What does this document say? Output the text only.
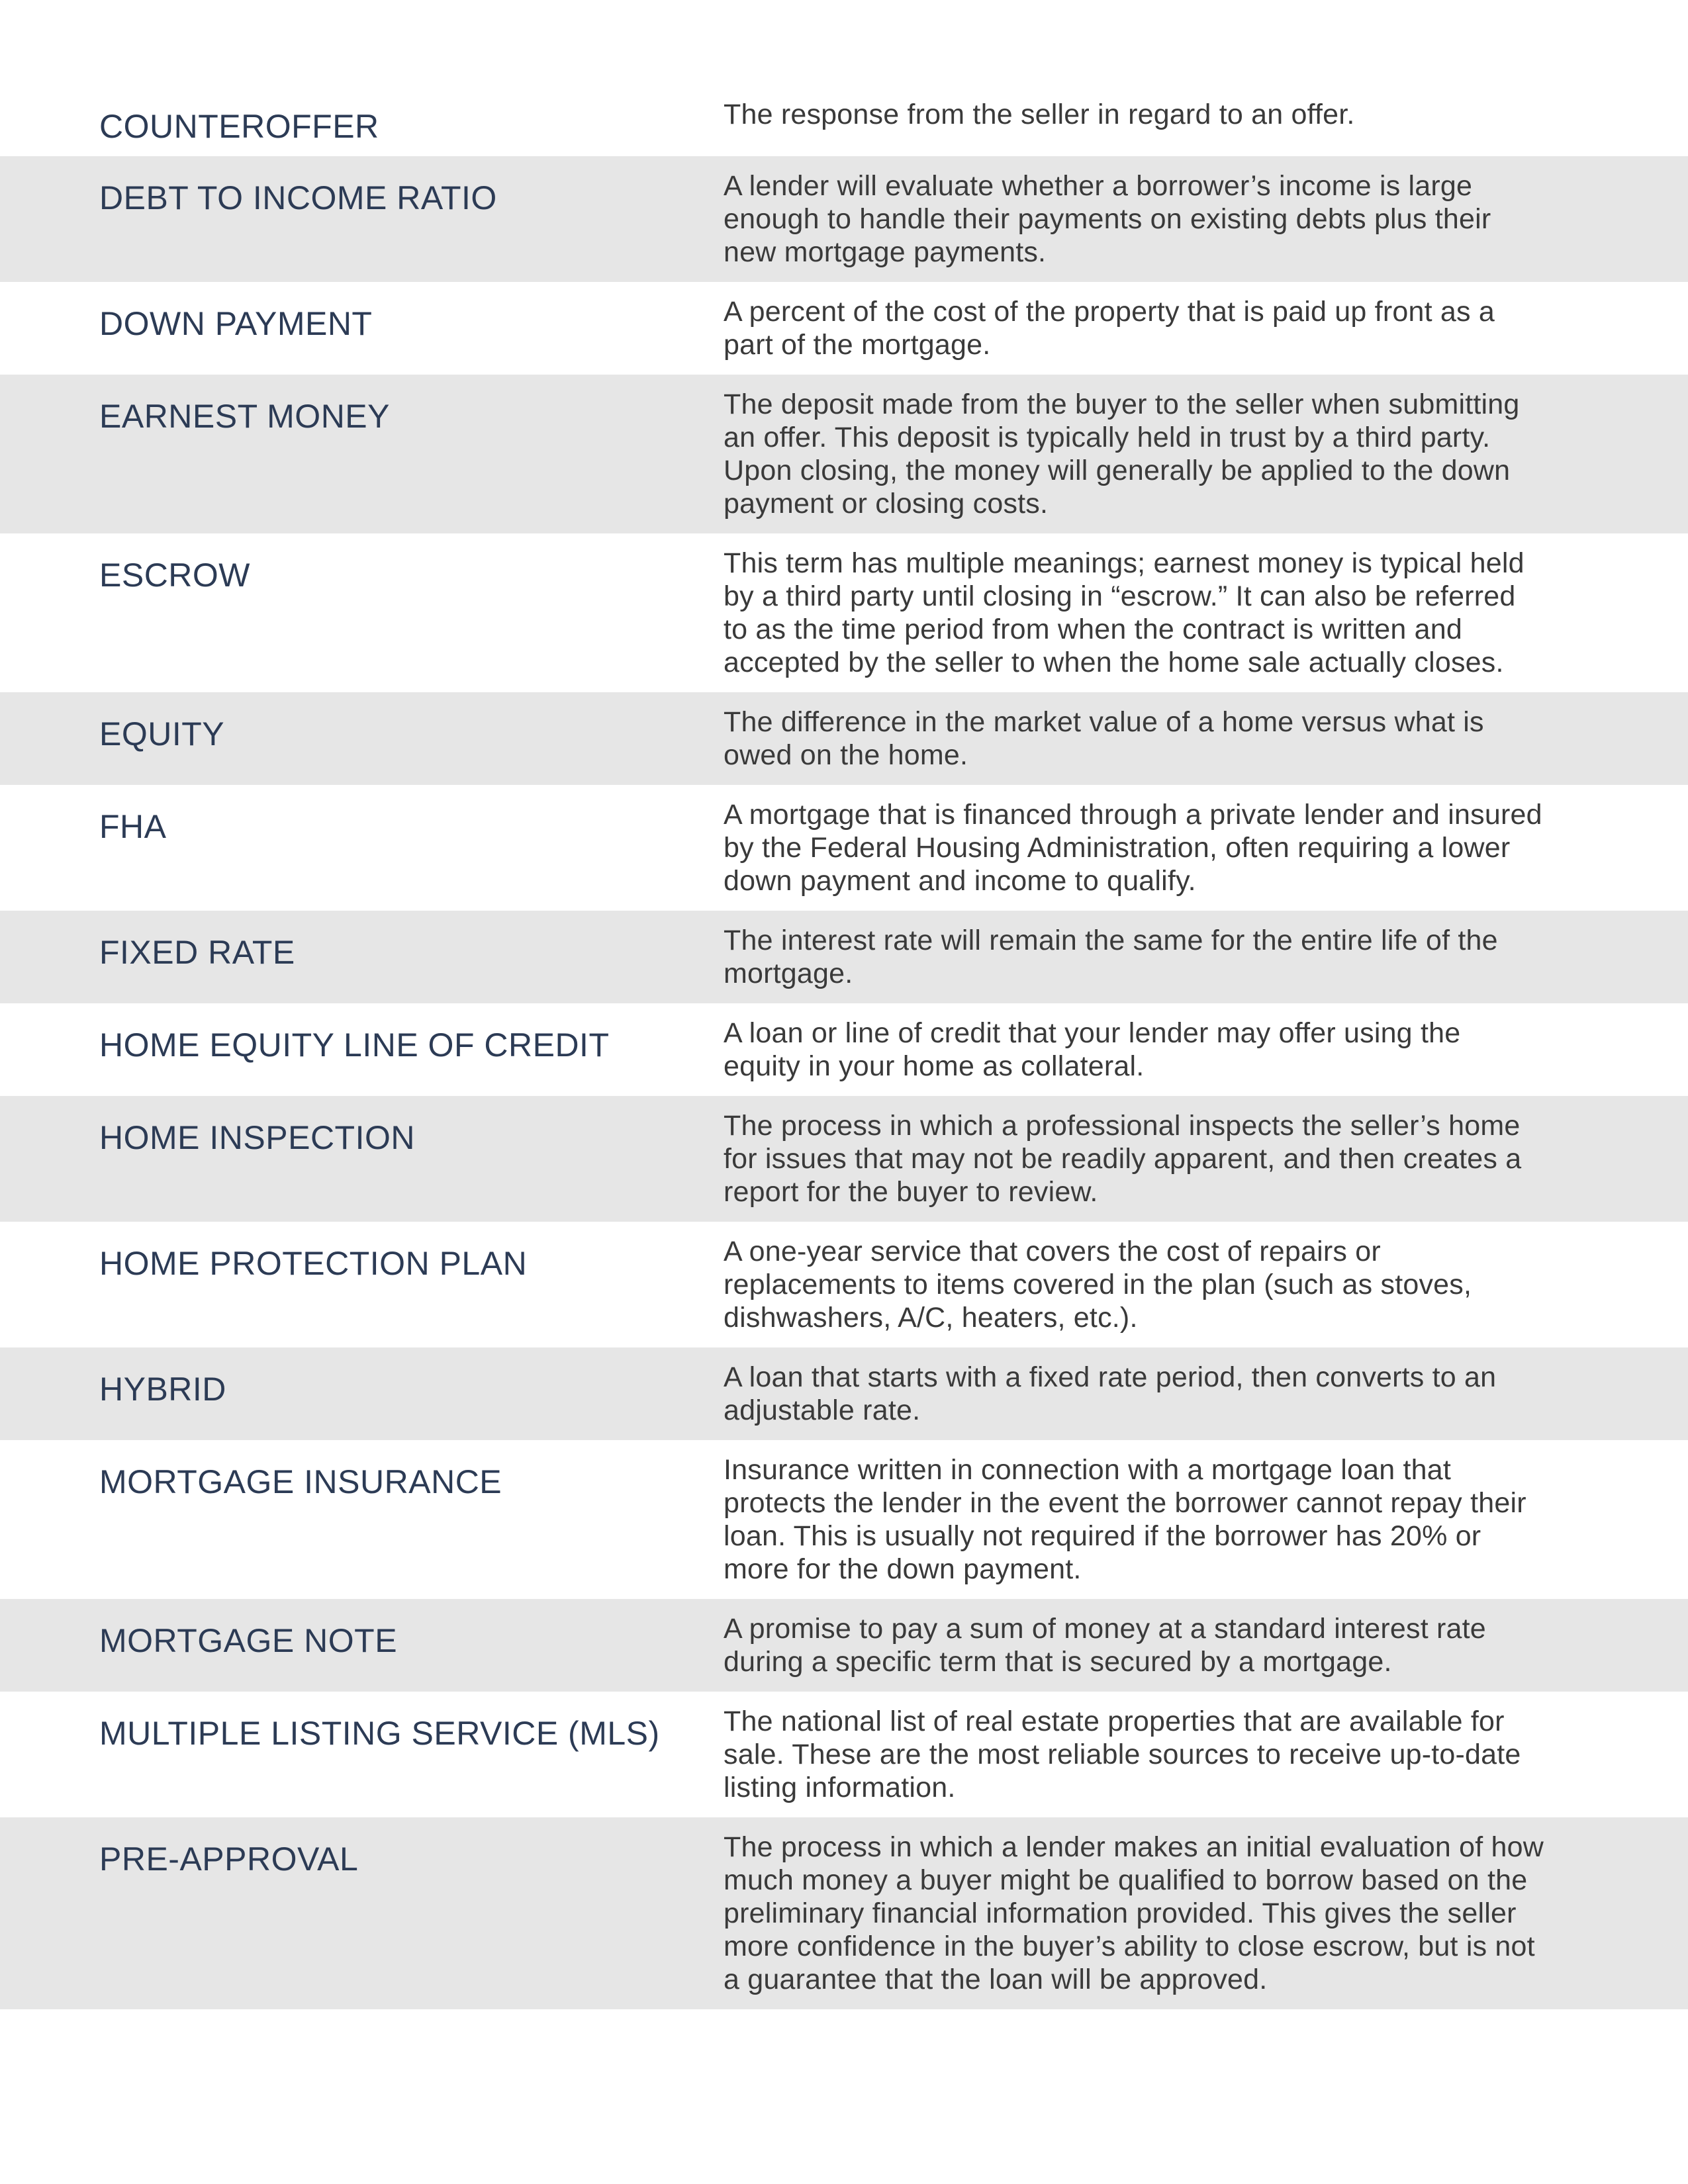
COUNTEROFFER	The response from the seller in regard to an offer.
DEBT TO INCOME RATIO	A lender will evaluate whether a borrower’s income is large enough to handle their payments on existing debts plus their new mortgage payments.
DOWN PAYMENT	A percent of the cost of the property that is paid up front as a part of the mortgage.
EARNEST MONEY	The deposit made from the buyer to the seller when submitting an offer. This deposit is typically held in trust by a third party. Upon closing, the money will generally be applied to the down payment or closing costs.
ESCROW	This term has multiple meanings; earnest money is typical held by a third party until closing in “escrow.” It can also be referred to as the time period from when the contract is written and accepted by the seller to when the home sale actually closes.
EQUITY	The difference in the market value of a home versus what is owed on the home.
FHA	A mortgage that is financed through a private lender and insured by the Federal Housing Administration, often requiring a lower down payment and income to qualify.
FIXED RATE	The interest rate will remain the same for the entire life of the mortgage.
HOME EQUITY LINE OF CREDIT	A loan or line of credit that your lender may offer using the equity in your home as collateral.
HOME INSPECTION	The process in which a professional inspects the seller’s home for issues that may not be readily apparent, and then creates a report for the buyer to review.
HOME PROTECTION PLAN	A one-year service that covers the cost of repairs or replacements to items covered in the plan (such as stoves, dishwashers, A/C, heaters, etc.).
HYBRID	A loan that starts with a fixed rate period, then converts to an adjustable rate.
MORTGAGE INSURANCE	Insurance written in connection with a mortgage loan that protects the lender in the event the borrower cannot repay their loan. This is usually not required if the borrower has 20% or more for the down payment.
MORTGAGE NOTE	A promise to pay a sum of money at a standard interest rate during a specific term that is secured by a mortgage.
MULTIPLE LISTING SERVICE (MLS)	The national list of real estate properties that are available for sale. These are the most reliable sources to receive up-to-date listing information.
PRE-APPROVAL	The process in which a lender makes an initial evaluation of how much money a buyer might be qualified to borrow based on the preliminary financial information provided. This gives the seller more confidence in the buyer’s ability to close escrow, but is not a guarantee that the loan will be approved.
